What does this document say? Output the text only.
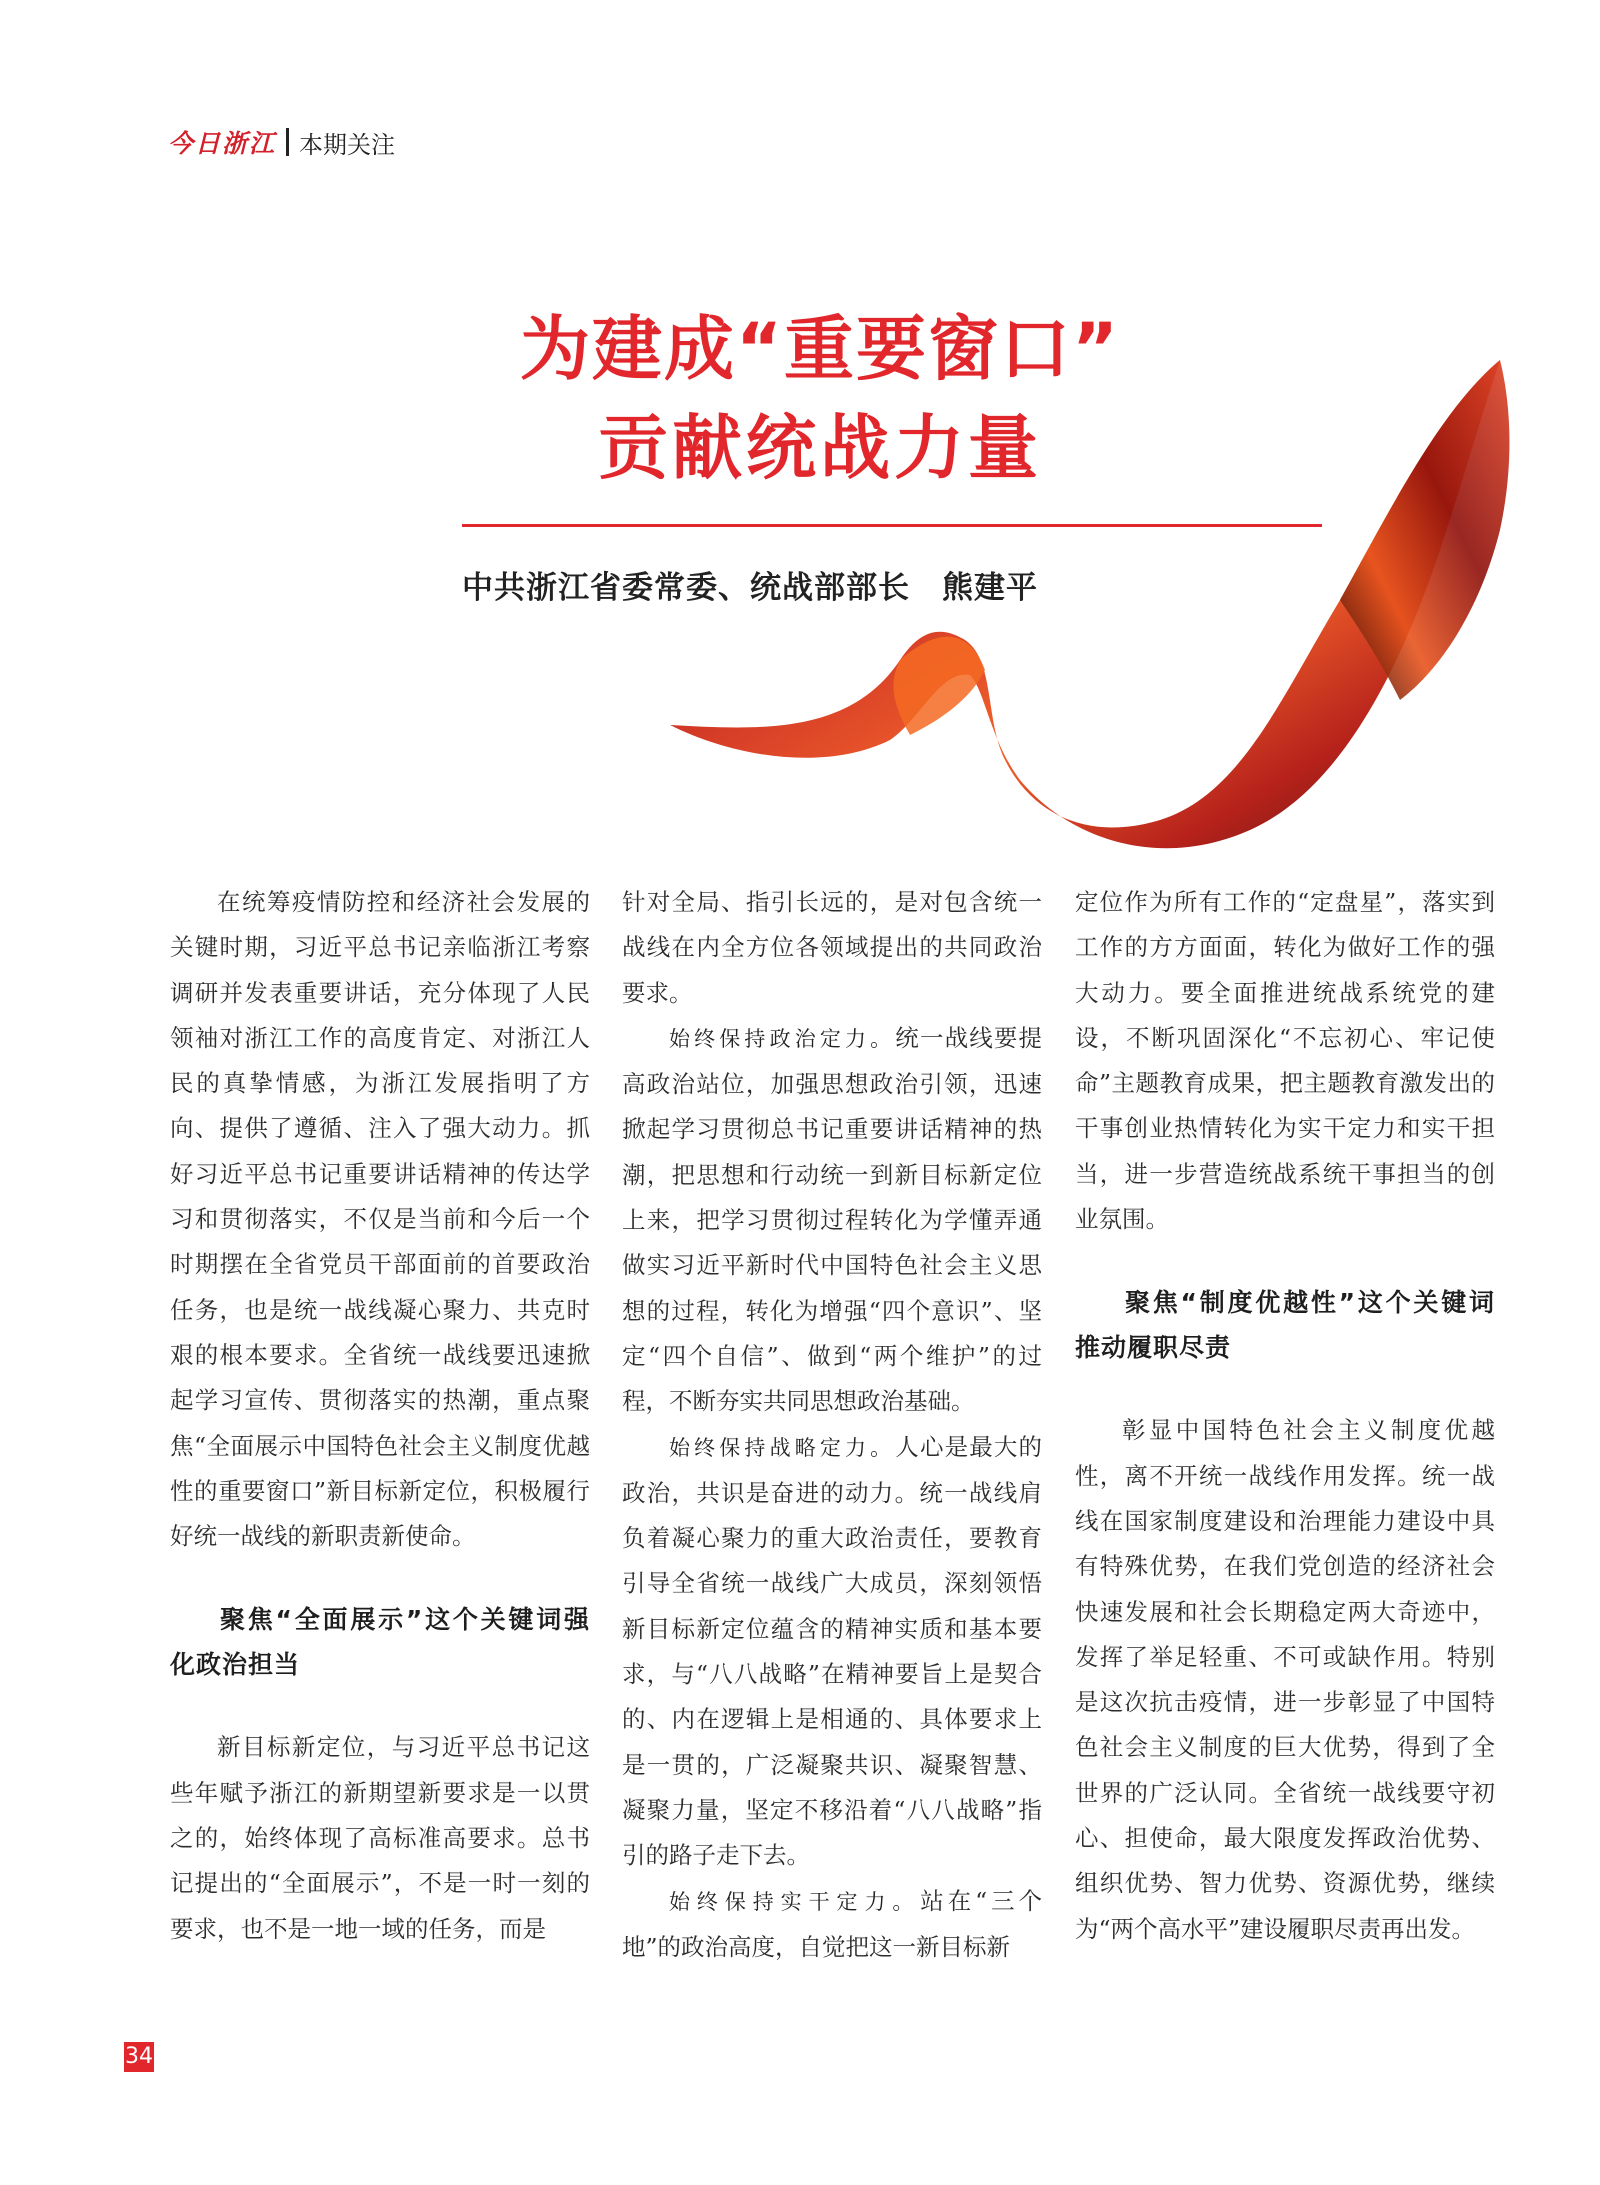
今日浙江 本期关注
为建成“重要窗口”
贡献统战力量
中共浙江省委常委、统战部部长　熊建平

在统筹疫情防控和经济社会发展的关键时期，习近平总书记亲临浙江考察调研并发表重要讲话，充分体现了人民领袖对浙江工作的高度肯定、对浙江人民的真挚情感，为浙江发展指明了方向、提供了遵循、注入了强大动力。抓好习近平总书记重要讲话精神的传达学习和贯彻落实，不仅是当前和今后一个时期摆在全省党员干部面前的首要政治任务，也是统一战线凝心聚力、共克时艰的根本要求。全省统一战线要迅速掀起学习宣传、贯彻落实的热潮，重点聚焦“全面展示中国特色社会主义制度优越性的重要窗口”新目标新定位，积极履行好统一战线的新职责新使命。

聚焦“全面展示”这个关键词强化政治担当

新目标新定位，与习近平总书记这些年赋予浙江的新期望新要求是一以贯之的，始终体现了高标准高要求。总书记提出的“全面展示”，不是一时一刻的要求，也不是一地一域的任务，而是

针对全局、指引长远的，是对包含统一战线在内全方位各领域提出的共同政治要求。

始终保持政治定力。统一战线要提高政治站位，加强思想政治引领，迅速掀起学习贯彻总书记重要讲话精神的热潮，把思想和行动统一到新目标新定位上来，把学习贯彻过程转化为学懂弄通做实习近平新时代中国特色社会主义思想的过程，转化为增强“四个意识”、坚定“四个自信”、做到“两个维护”的过程，不断夯实共同思想政治基础。

始终保持战略定力。人心是最大的政治，共识是奋进的动力。统一战线肩负着凝心聚力的重大政治责任，要教育引导全省统一战线广大成员，深刻领悟新目标新定位蕴含的精神实质和基本要求，与“八八战略”在精神要旨上是契合的、内在逻辑上是相通的、具体要求上是一贯的，广泛凝聚共识、凝聚智慧、凝聚力量，坚定不移沿着“八八战略”指引的路子走下去。

始终保持实干定力。站在“三个地”的政治高度，自觉把这一新目标新

定位作为所有工作的“定盘星”，落实到工作的方方面面，转化为做好工作的强大动力。要全面推进统战系统党的建设，不断巩固深化“不忘初心、牢记使命”主题教育成果，把主题教育激发出的干事创业热情转化为实干定力和实干担当，进一步营造统战系统干事担当的创业氛围。

聚焦“制度优越性”这个关键词推动履职尽责

彰显中国特色社会主义制度优越性，离不开统一战线作用发挥。统一战线在国家制度建设和治理能力建设中具有特殊优势，在我们党创造的经济社会快速发展和社会长期稳定两大奇迹中，发挥了举足轻重、不可或缺作用。特别是这次抗击疫情，进一步彰显了中国特色社会主义制度的巨大优势，得到了全世界的广泛认同。全省统一战线要守初心、担使命，最大限度发挥政治优势、组织优势、智力优势、资源优势，继续为“两个高水平”建设履职尽责再出发。

34
